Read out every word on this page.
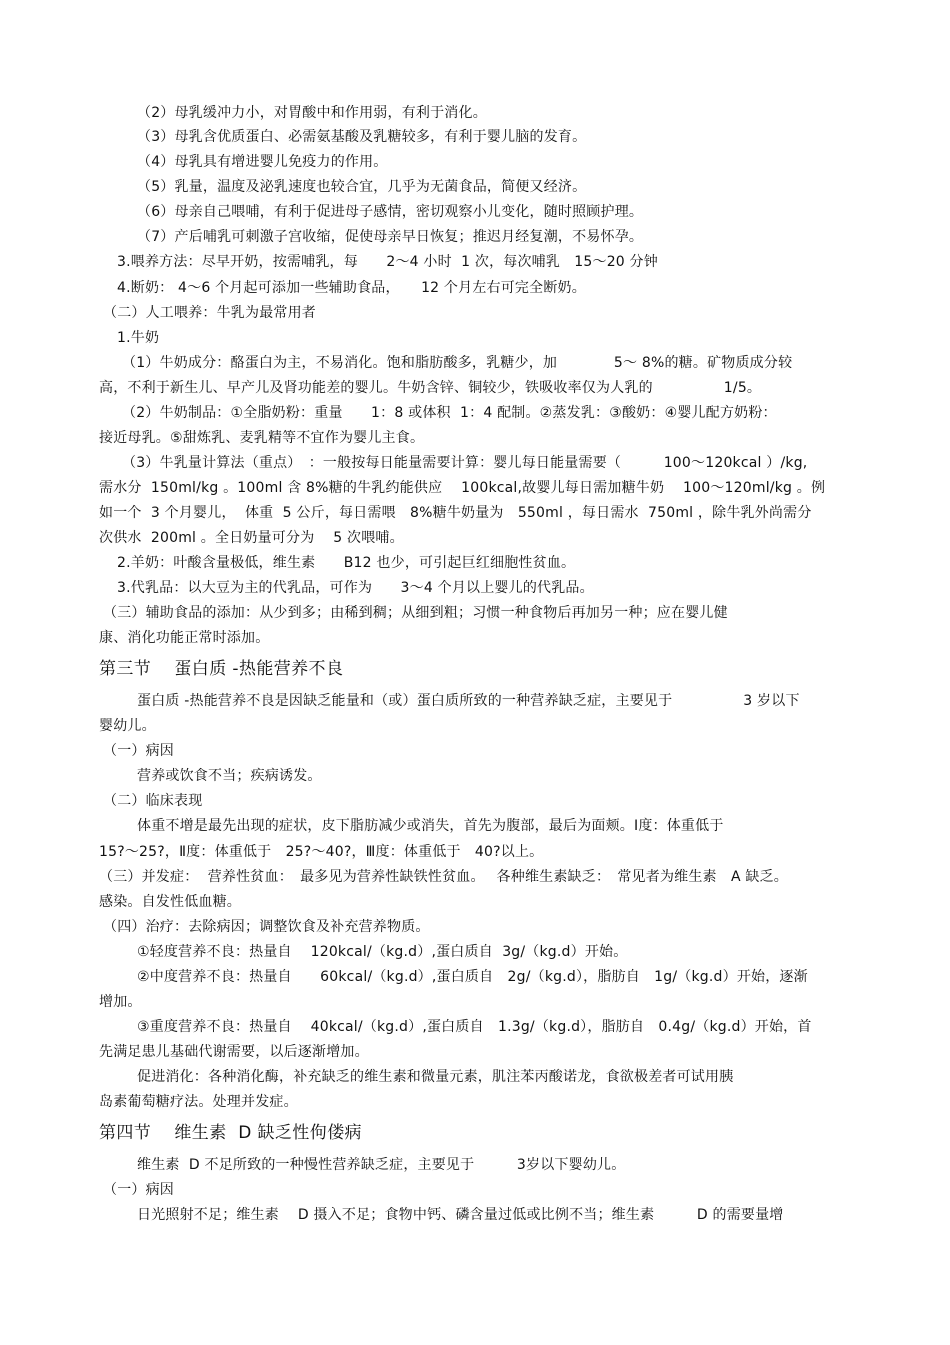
（2）母乳缓冲力小，对胃酸中和作用弱，有利于消化。
（3）母乳含优质蛋白、必需氨基酸及乳糖较多，有利于婴儿脑的发育。
（4）母乳具有增进婴儿免疫力的作用。
（5）乳量，温度及泌乳速度也较合宜，几乎为无菌食品，简便又经济。
（6）母亲自己喂哺，有利于促进母子感情，密切观察小儿变化，随时照顾护理。
（7）产后哺乳可刺激子宫收缩，促使母亲早日恢复；推迟月经复潮，不易怀孕。
3.喂养方法：尽早开奶，按需哺乳，每　　2～4 小时  1 次，每次哺乳　15～20 分钟
4.断奶： 4～6 个月起可添加一些辅助食品，　　12 个月左右可完全断奶。
（二）人工喂养：牛乳为最常用者
1.牛奶
（1）牛奶成分：酪蛋白为主，不易消化。饱和脂肪酸多，乳糖少，加　　　　5～ 8%的糖。矿物质成分较
高，不利于新生儿、早产儿及肾功能差的婴儿。牛奶含锌、铜较少，铁吸收率仅为人乳的　　　　　1/5。
（2）牛奶制品：①全脂奶粉：重量　　1：8 或体积  1：4 配制。②蒸发乳：③酸奶：④婴儿配方奶粉：
接近母乳。⑤甜炼乳、麦乳精等不宜作为婴儿主食。
（3）牛乳量计算法（重点）　：一般按每日能量需要计算：婴儿每日能量需要（　　　100～120kcal ）/kg,
需水分  150ml/kg 。100ml 含 8%糖的牛乳约能供应　 100kcal,故婴儿每日需加糖牛奶　 100～120ml/kg 。例
如一个  3 个月婴儿，  体重  5 公斤，每日需喂　8%糖牛奶量为　550ml ，每日需水  750ml ，除牛乳外尚需分
次供水  200ml 。全日奶量可分为　 5 次喂哺。
2.羊奶：叶酸含量极低，维生素　　B12 也少，可引起巨红细胞性贫血。
3.代乳品：以大豆为主的代乳品，可作为　　3～4 个月以上婴儿的代乳品。
（三）辅助食品的添加：从少到多；由稀到稠；从细到粗；习惯一种食物后再加另一种；应在婴儿健
康、消化功能正常时添加。
第三节　 蛋白质 -热能营养不良
蛋白质 -热能营养不良是因缺乏能量和（或）蛋白质所致的一种营养缺乏症，主要见于　　　　　3 岁以下
婴幼儿。
（一）病因
营养或饮食不当；疾病诱发。
（二）临床表现
体重不增是最先出现的症状，皮下脂肪减少或消失，首先为腹部，最后为面颊。Ⅰ度：体重低于
15?～25?，Ⅱ度：体重低于　25?～40?，Ⅲ度：体重低于　40?以上。
（三）并发症：  营养性贫血：　最多见为营养性缺铁性贫血。　 各种维生素缺乏：　常见者为维生素　A 缺乏。
感染。自发性低血糖。
（四）治疗：去除病因；调整饮食及补充营养物质。
①轻度营养不良：热量自　 120kcal/（kg.d）,蛋白质自  3g/（kg.d）开始。
②中度营养不良：热量自　　60kcal/（kg.d）,蛋白质自　2g/（kg.d），脂肪自　1g/（kg.d）开始，逐渐
增加。
③重度营养不良：热量自　 40kcal/（kg.d）,蛋白质自　1.3g/（kg.d），脂肪自　0.4g/（kg.d）开始，首
先满足患儿基础代谢需要，以后逐渐增加。
促进消化：各种消化酶，补充缺乏的维生素和微量元素，肌注苯丙酸诺龙，食欲极差者可试用胰
岛素葡萄糖疗法。处理并发症。
第四节　 维生素  D 缺乏性佝偻病
维生素  D 不足所致的一种慢性营养缺乏症，主要见于　　　3岁以下婴幼儿。
（一）病因
日光照射不足；维生素　 D 摄入不足；食物中钙、磷含量过低或比例不当；维生素　　　D 的需要量增
